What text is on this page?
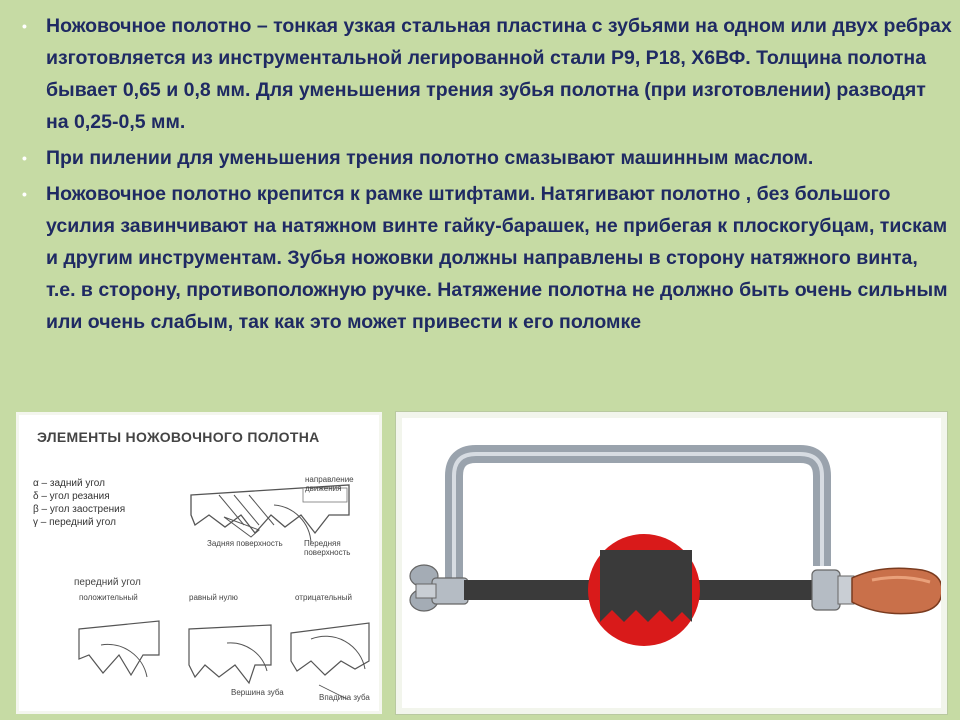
• Ножовочное полотно – тонкая узкая стальная пластина с зубьями на одном или двух ребрах изготовляется из инструментальной легированной стали Р9, Р18, Х6ВФ. Толщина полотна бывает 0,65 и 0,8 мм. Для уменьшения трения зубья полотна (при изготовлении) разводят на 0,25-0,5 мм.
• При пилении для уменьшения трения полотно смазывают машинным маслом.
• Ножовочное полотно крепится к рамке штифтами. Натягивают полотно , без большого усилия завинчивают на натяжном винте гайку-барашек, не прибегая к плоскогубцам, тискам и другим инструментам. Зубья ножовки должны направлены в сторону натяжного винта, т.е. в сторону, противоположную ручке. Натяжение полотна не должно быть очень сильным или очень слабым, так как это может привести к его поломке
ЭЛЕМЕНТЫ НОЖОВОЧНОГО ПОЛОТНА
α – задний угол
δ – угол резания
β – угол заострения
γ – передний угол
Задняя поверхность	Передняя поверхность
направление движения
передний угол
положительный	равный нулю	отрицательный
Вершина зуба
Впадина зуба
